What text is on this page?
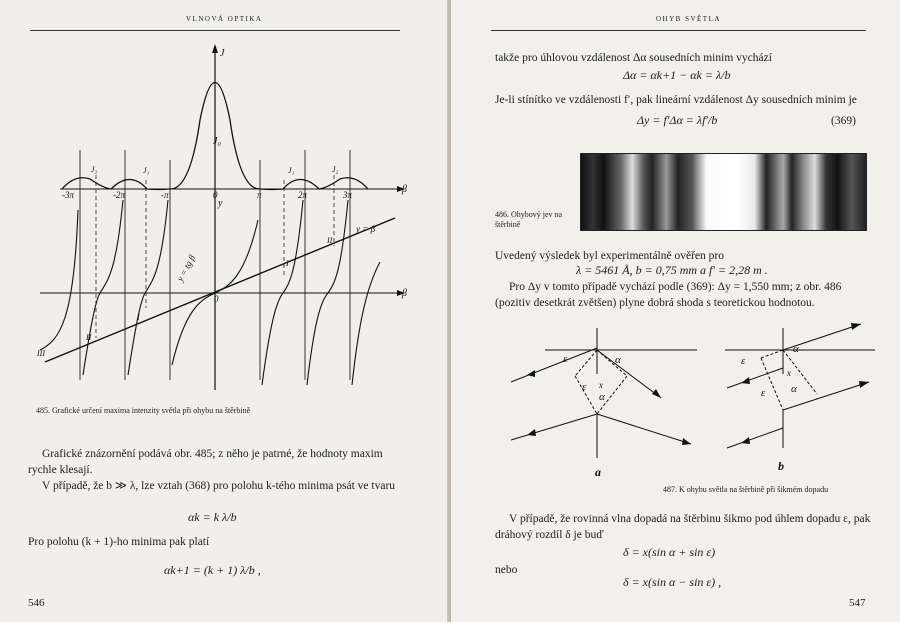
VLNOVÁ OPTIKA
J
J₀
y
β
β
y = β
y = tg β
-3π	-2π	-π	0	π	2π	3π
0
J₂	J₁	J₁	J₂
I
I
II
II
III
485. Grafické určení maxima intenzity světla při ohybu na štěrbině
Grafické znázornění podává obr. 485; z něho je patrné, že hodnoty maxim rychle klesají.
V případě, že b ≫ λ, lze vztah (368) pro polohu k-tého minima psát ve tvaru
αk = k λ/b
Pro polohu (k + 1)-ho minima pak platí
αk+1 = (k + 1) λ/b ,
546
OHYB SVĚTLA
takže pro úhlovou vzdálenost Δα sousedních minim vychází
Δα = αk+1 − αk = λ/b
Je-li stínítko ve vzdálenosti f′, pak lineární vzdálenost Δy sousedních minim je
Δy = f′Δα = λf′/b	(369)
486. Ohybový jev na štěrbině
Uvedený výsledek byl experimentálně ověřen pro
λ = 5461 Å, b = 0,75 mm a f′ = 2,28 m .
Pro Δy v tomto případě vychází podle (369): Δy = 1,550 mm; z obr. 486 (pozitiv desetkrát zvětšen) plyne dobrá shoda s teoretickou hodnotou.
ε	α
ε x
α
ε
α
ε
x
α
a	b
487. K ohybu světla na štěrbině při šikmém dopadu
V případě, že rovinná vlna dopadá na štěrbinu šikmo pod úhlem dopadu ε, pak dráhový rozdíl δ je buď
δ = x(sin α + sin ε)
nebo
δ = x(sin α − sin ε) ,
547
